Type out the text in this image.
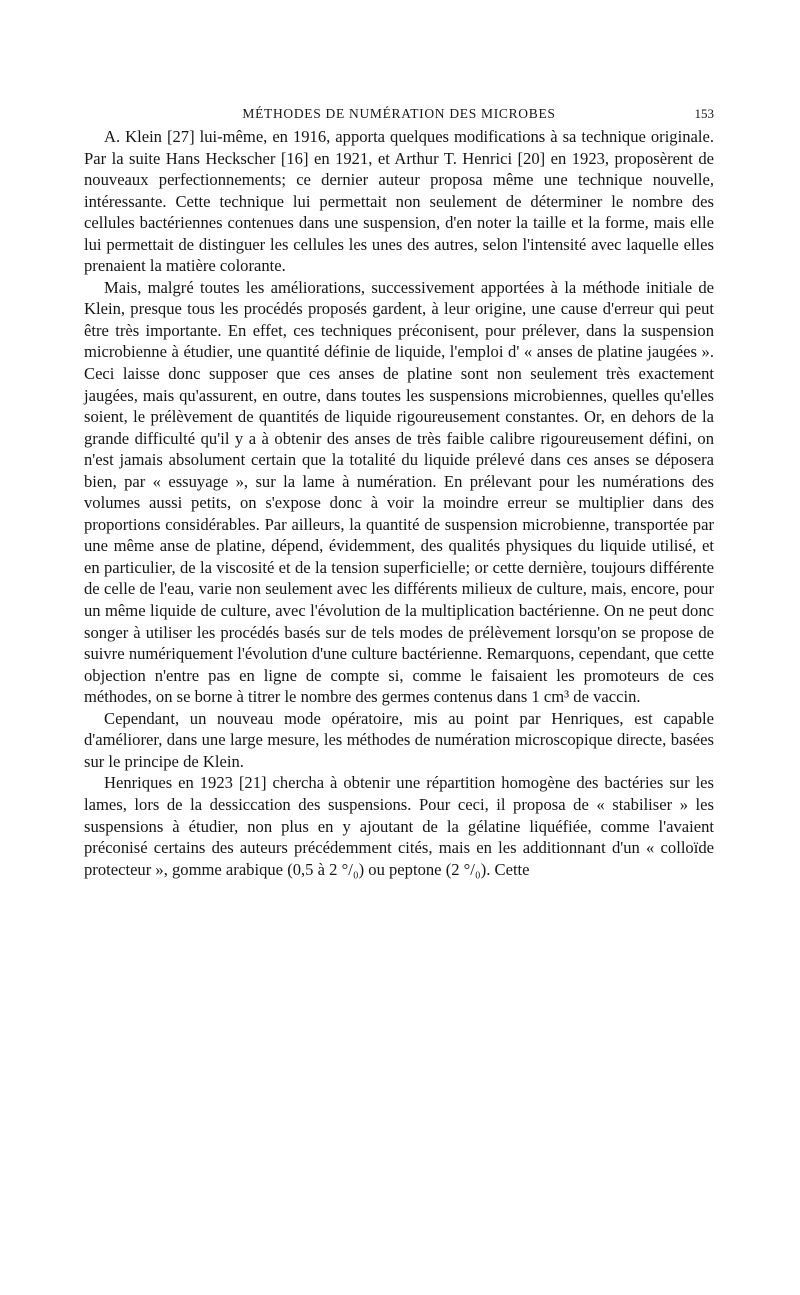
MÉTHODES DE NUMÉRATION DES MICROBES	153

A. Klein [27] lui-même, en 1916, apporta quelques modifications à sa technique originale. Par la suite Hans Heckscher [16] en 1921, et Arthur T. Henrici [20] en 1923, proposèrent de nouveaux perfectionnements; ce dernier auteur proposa même une technique nouvelle, intéressante. Cette technique lui permettait non seulement de déterminer le nombre des cellules bactériennes contenues dans une suspension, d'en noter la taille et la forme, mais elle lui permettait de distinguer les cellules les unes des autres, selon l'intensité avec laquelle elles prenaient la matière colorante.

Mais, malgré toutes les améliorations, successivement apportées à la méthode initiale de Klein, presque tous les procédés proposés gardent, à leur origine, une cause d'erreur qui peut être très importante. En effet, ces techniques préconisent, pour prélever, dans la suspension microbienne à étudier, une quantité définie de liquide, l'emploi d' « anses de platine jaugées ». Ceci laisse donc supposer que ces anses de platine sont non seulement très exactement jaugées, mais qu'assurent, en outre, dans toutes les suspensions microbiennes, quelles qu'elles soient, le prélèvement de quantités de liquide rigoureusement constantes. Or, en dehors de la grande difficulté qu'il y a à obtenir des anses de très faible calibre rigoureusement défini, on n'est jamais absolument certain que la totalité du liquide prélevé dans ces anses se déposera bien, par « essuyage », sur la lame à numération. En prélevant pour les numérations des volumes aussi petits, on s'expose donc à voir la moindre erreur se multiplier dans des proportions considérables. Par ailleurs, la quantité de suspension microbienne, transportée par une même anse de platine, dépend, évidemment, des qualités physiques du liquide utilisé, et en particulier, de la viscosité et de la tension superficielle; or cette dernière, toujours différente de celle de l'eau, varie non seulement avec les différents milieux de culture, mais, encore, pour un même liquide de culture, avec l'évolution de la multiplication bactérienne. On ne peut donc songer à utiliser les procédés basés sur de tels modes de prélèvement lorsqu'on se propose de suivre numériquement l'évolution d'une culture bactérienne. Remarquons, cependant, que cette objection n'entre pas en ligne de compte si, comme le faisaient les promoteurs de ces méthodes, on se borne à titrer le nombre des germes contenus dans 1 cm³ de vaccin.

Cependant, un nouveau mode opératoire, mis au point par Henriques, est capable d'améliorer, dans une large mesure, les méthodes de numération microscopique directe, basées sur le principe de Klein.

Henriques en 1923 [21] chercha à obtenir une répartition homogène des bactéries sur les lames, lors de la dessiccation des suspensions. Pour ceci, il proposa de « stabiliser » les suspensions à étudier, non plus en y ajoutant de la gélatine liquéfiée, comme l'avaient préconisé certains des auteurs précédemment cités, mais en les additionnant d'un « colloïde protecteur », gomme arabique (0,5 à 2 °/₀) ou peptone (2 °/₀). Cette
